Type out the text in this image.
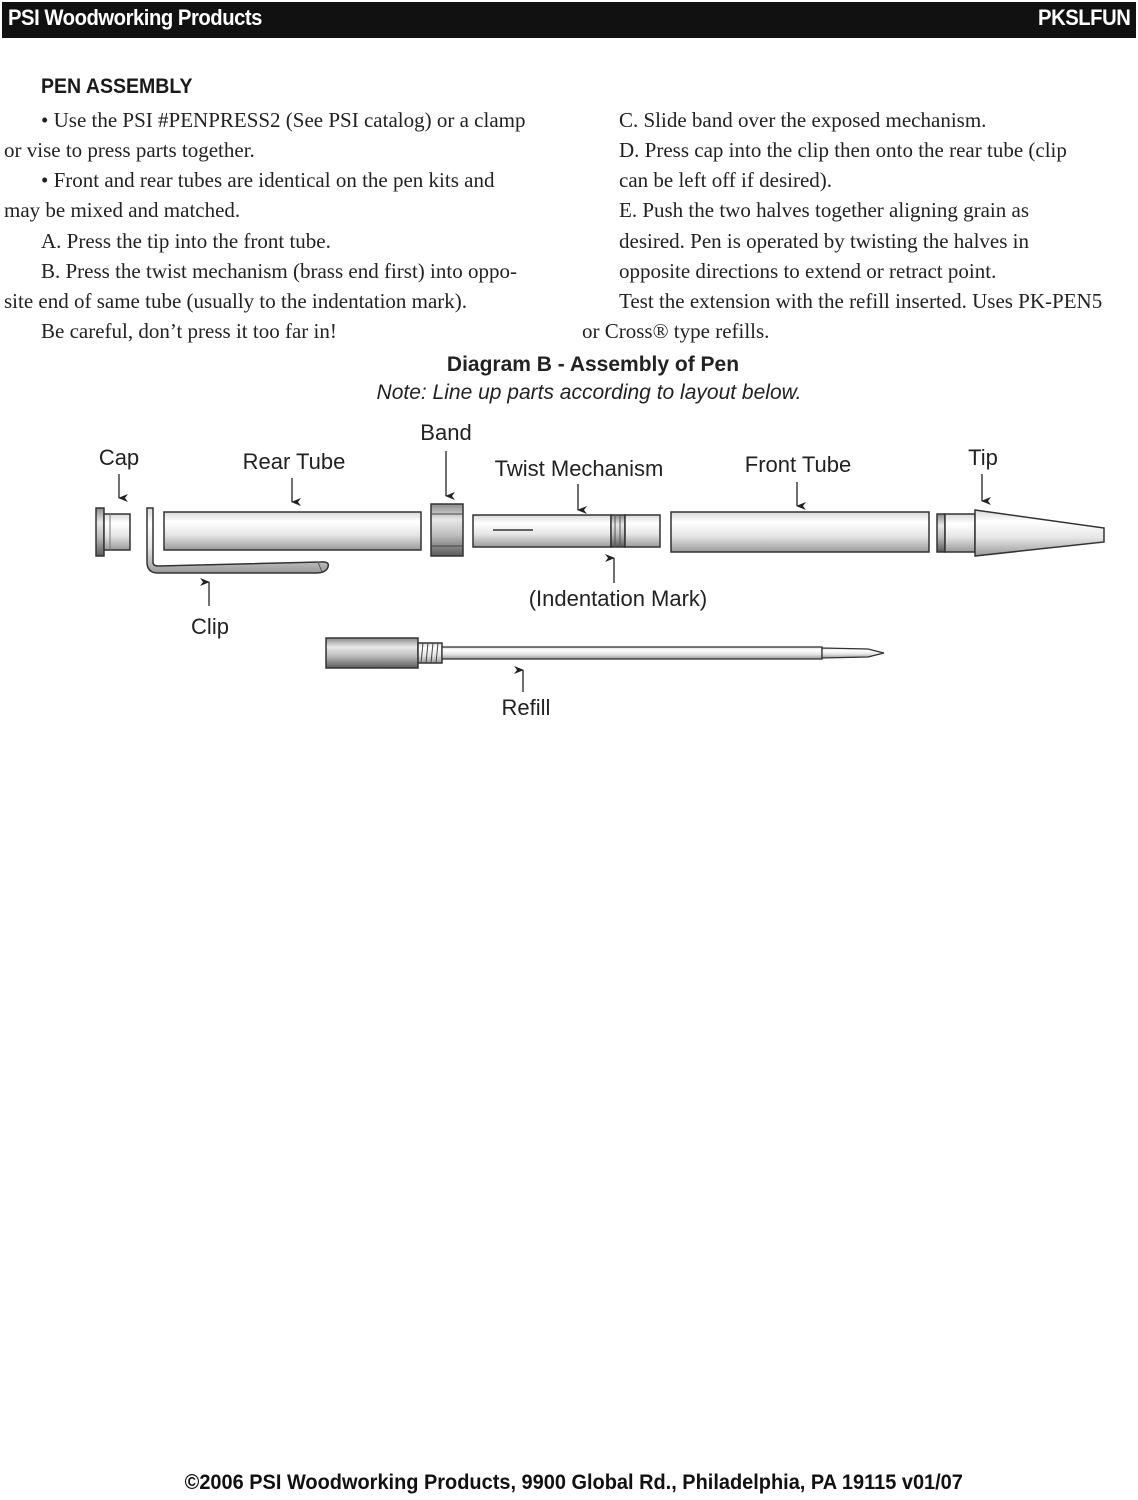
PSI Woodworking Products	PKSLFUN
PEN ASSEMBLY

• Use the PSI #PENPRESS2 (See PSI catalog) or a clamp

or vise to press parts together.

• Front and rear tubes are identical on the pen kits and

may be mixed and matched.

A. Press the tip into the front tube.

B. Press the twist mechanism (brass end first) into oppo-

site end of same tube (usually to the indentation mark).

Be careful, don’t press it too far in!

C. Slide band over the exposed mechanism.

D. Press cap into the clip then onto the rear tube (clip

can be left off if desired).

E. Push the two halves together aligning grain as

desired. Pen is operated by twisting the halves in

opposite directions to extend or retract point.

Test the extension with the refill inserted. Uses PK-PEN5

or Cross® type refills.

Diagram B - Assembly of Pen
Note: Line up parts according to layout below.
Cap	Rear Tube
Band
Twist Mechanism	Front Tube	Tip
Clip
(Indentation Mark)
Refill
©2006 PSI Woodworking Products, 9900 Global Rd., Philadelphia, PA 19115 v01/07
